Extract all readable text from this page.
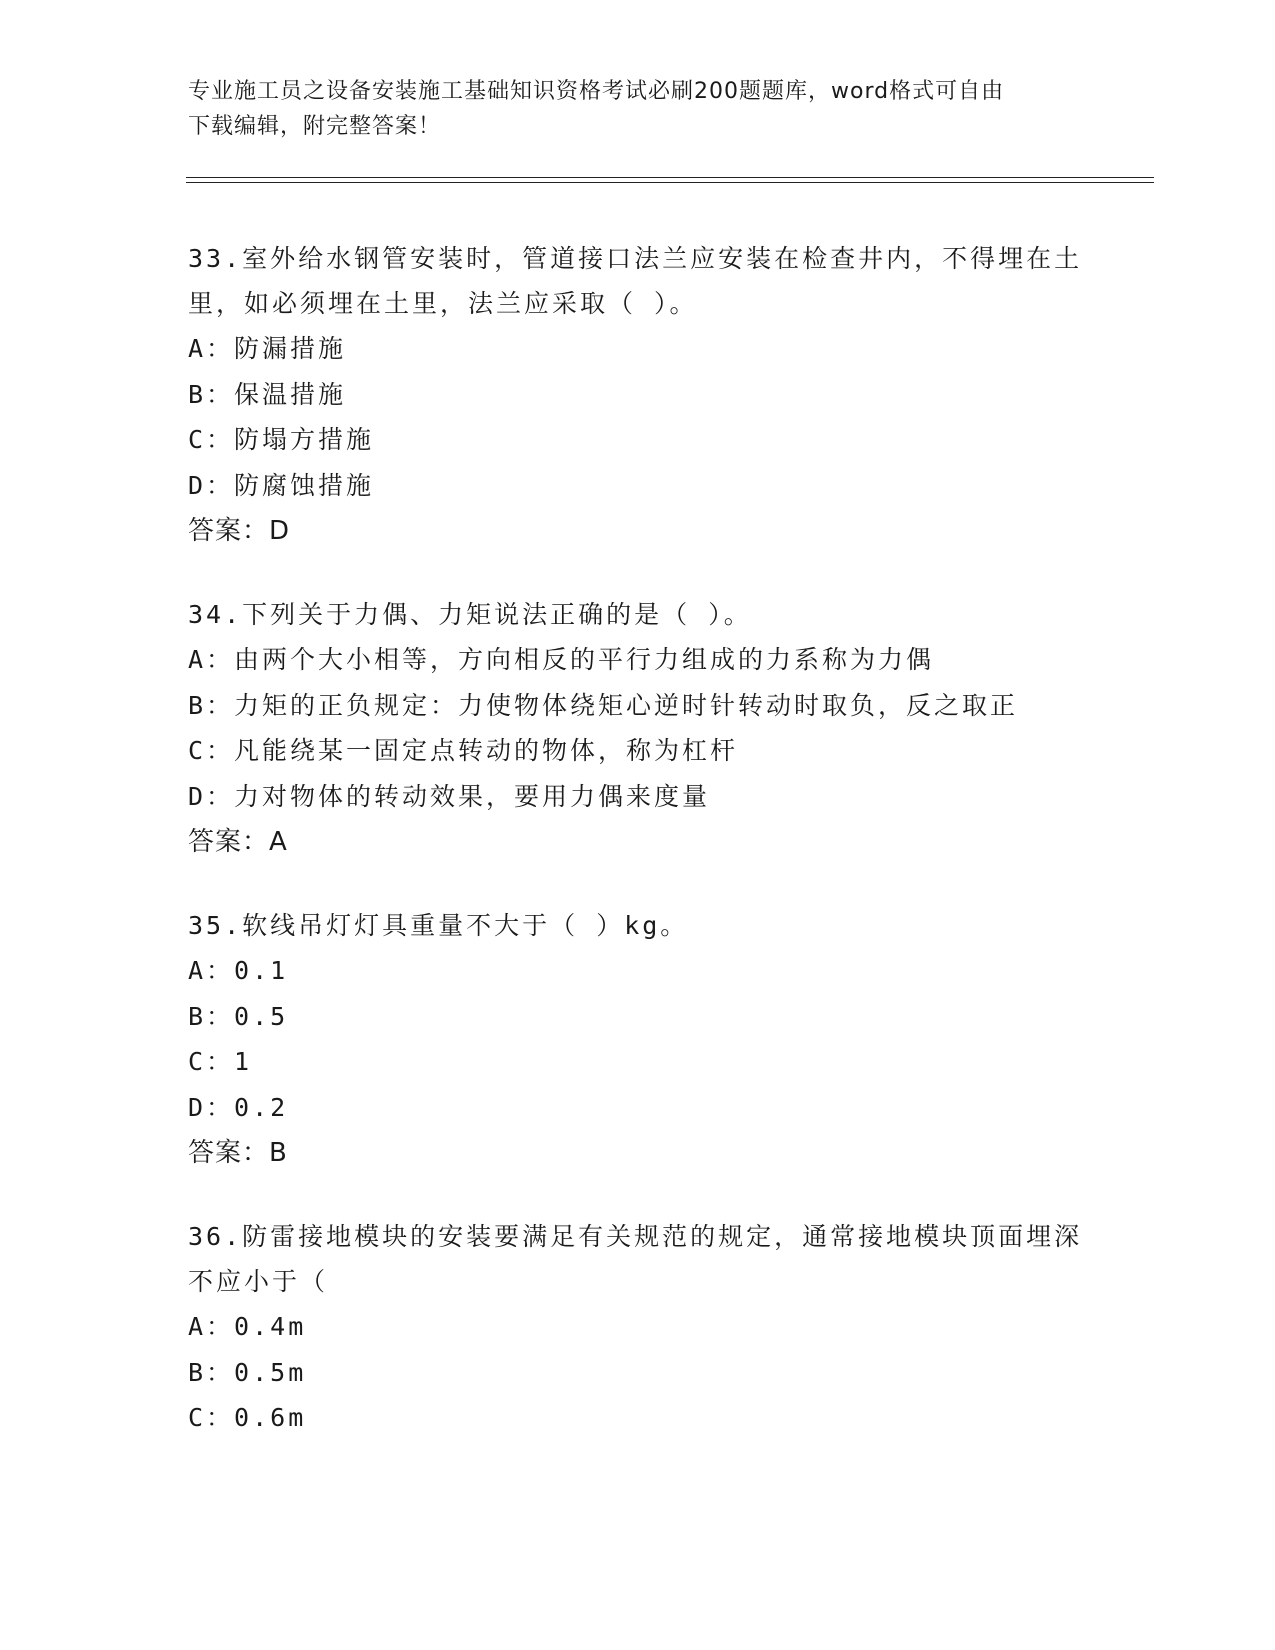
专业施工员之设备安装施工基础知识资格考试必刷200题题库，word格式可自由
下载编辑，附完整答案！
33.室外给水钢管安装时，管道接口法兰应安装在检查井内，不得埋在土里，如必须埋在土里，法兰应采取（ ）。
A：防漏措施
B：保温措施
C：防塌方措施
D：防腐蚀措施
答案：D
34.下列关于力偶、力矩说法正确的是（ ）。
A：由两个大小相等，方向相反的平行力组成的力系称为力偶
B：力矩的正负规定：力使物体绕矩心逆时针转动时取负，反之取正
C：凡能绕某一固定点转动的物体，称为杠杆
D：力对物体的转动效果，要用力偶来度量
答案：A
35.软线吊灯灯具重量不大于（ ）kg。
A：0.1
B：0.5
C：1
D：0.2
答案：B
36.防雷接地模块的安装要满足有关规范的规定，通常接地模块顶面埋深不应小于（
A：0.4m
B：0.5m
C：0.6m
